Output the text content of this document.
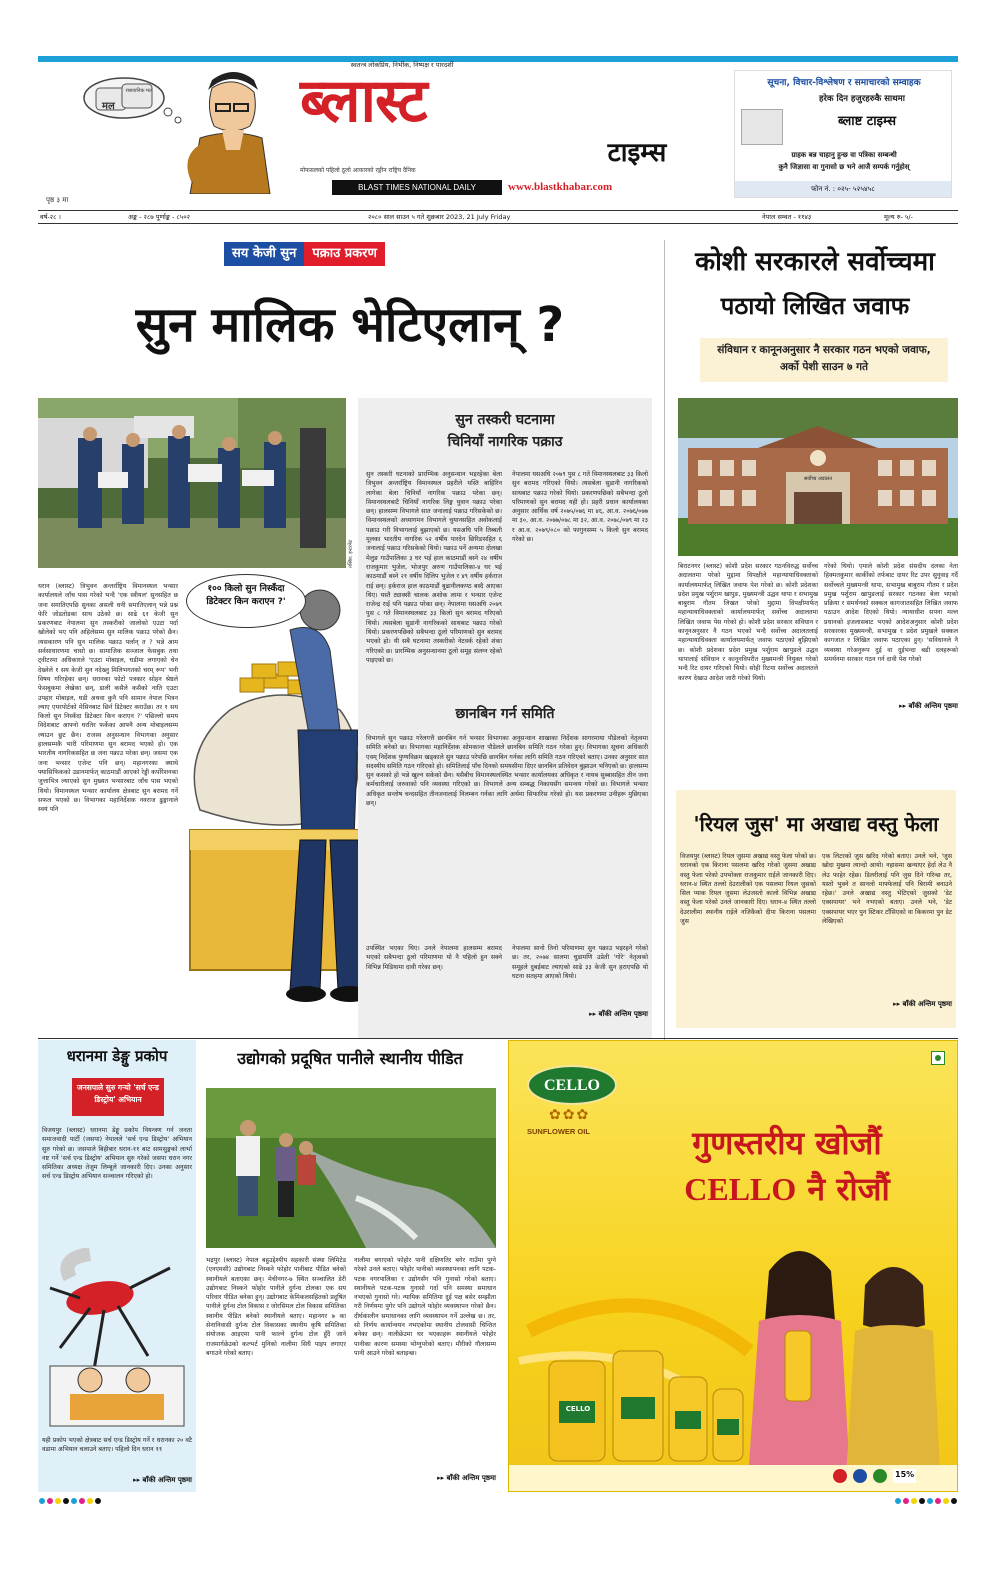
मल
रासायनिक मल
पृष्ठ ३ मा
स्वतन्त्र लोकप्रिय, निर्भीक, निष्पक्ष र पारदर्शी
ब्लास्ट
टाइम्स
मोफसलको पहिलो ठूलो आकारको रङ्गीन राष्ट्रिय दैनिक
BLAST TIMES NATIONAL DAILY	www.blastkhabar.com
सूचना, विचार-विश्लेषण र समाचारको सम्वाहक
हरेक दिन हजुरहरुकै साथमा
ब्लाष्ट टाइम्स
ग्राहक बन्न चाहानु हुन्छ वा पत्रिका सम्बन्धी
कुनै जिज्ञासा वा गुनासो छ भने आजै सम्पर्क गर्नुहोस्
फोन नं. : ०२५- ५२५४५८
वर्ष-२८ ।	अङ्क - २८७ पूर्णाङ्क - ८५०२	२०८० साल साउन ५ गते शुक्रबार 2023, 21 July Friday	नेपाल सम्वत - ११४३	मूल्य रु- ५/-
सय केजी सुन	पक्राउ प्रकरण
सुन मालिक भेटिएलान् ?
तस्बिर: इन्टरनेट
१०० किलो सुन निस्कँदा डिटेक्टर किन कराएन ?'
धरान (ब्लास्ट) त्रिभुवन अन्तर्राष्ट्रिय विमानस्थल भन्सार कार्यालयले जाँच पास गरेको भन्दै 'एक स्त्रीयल' सुनसहित छ जना समातिएपछि सुनका असली धनी समातिएलान् भन्ने प्रश्न फेरि जोडतोडका साथ उठेको छ। साढे ६१ केजी सुन प्रकरणबाट नेपालमा सुन तस्करीको जालोको एउटा पर्दा खोलेको भए पनि अहिलेसम्म सुन मालिक पक्राउ परेको छैन। त्यसकारण पनि सुन मालिक पक्राउ पर्लान् त ? भन्ने आम सर्वसाधारणमा चासो छ। सामाजिक सञ्जाल फेसबुक तथा ट्वीटरमा अधिकारले 'एउटा मोबाइल, घडीमा लगाएको चेन देख्नेले १ सय केजी सुन नदेख्नु मिलिभगतको चरम् रूप' भनी विषय गरिरहेका छन्। धरानका फोटो पत्रकार सोहन श्रेष्ठले फेसबुकमा लेखेका छन्, डाली कसैले कसैको नाति एउटा उपहार मोबाइल, घडी अथवा कुनै पनि सामान नेपाल भित्रन ल्याए एयरपोर्टको मेसिनबाट छिर्न डिटेक्टर कराउँछ। तर १ सय किलो सुन निस्कँदा डिटेक्टर किन कराएन ?' पछिल्लो समय विदेशबाट आफ्नो घरतिर फर्केका आफ्नै अन्य मोबाइलसम्म ल्याउन छुट छैन। राजस्व अनुसन्धान विभागका अनुसार हालसम्मकै भारी परिमाणमा सुन बरामद भएको हो। एक भारतीय नागरिकसहित छ जना पक्राउ परेका छन्। जसमा एक जना भन्सार एजेन्ट पनि छन्। महानगरका क्याथे फ्यासिफिकको उडानमार्फत् काठमाडौं आएको रेड्डी कर्पोरेशनका जुत्ताभित्र ल्याएको सुन मुख्यत भन्सारबाट जाँच पास भएको थियो। विमानस्थल भन्सार कार्यालय क्षेत्रबाट सुन बरामद गर्ने सफल भएको छ। विभागका महानिर्देशक नवराज ढुङ्गानाले स्वयं पनि
सुन तस्करी घटनामा
चिनियाँ नागरिक पक्राउ
सुन तस्करी घटनाको प्रारम्भिक अनुसन्धान भइरहेका बेला त्रिभुवन अन्तर्राष्ट्रिय विमानस्थल प्रहरीले यस्ति बाहिरिन लागेका बेला चिनियाँ नागरिक पक्राउ परेका छन्। विमानस्थलबाटै चिनियाँ नागरिक लिङ्ग युवान पक्राउ परेका छन्। हालसम्म विभागले सात जनालाई पक्राउ गरिसकेको छ। विमानस्थलको अध्यागमन विभागले चुयानसहित अवोकलाई पक्राउ गरी विभागलाई बुझाएको छ। यसअघि पनि तिब्बती मूलका भारतीय नागरिक ५२ वर्षीय पारदेन छिरिङसहित ६ जनालाई पक्राउ गरिसकेको थियो। पक्राउ पर्ने अन्यमा दोलखा मेलुङ गाउँपालिका ३ घर भई हाल काठमाडौं बस्ने २४ वर्षीय राजकुमार भुजेल, भोजपुर अरुण गाउँपालिका-४ घर भई काठमाडौं बस्ने २१ वर्षीय दिलिप भुजेल र ४९ वर्षीय हर्कराज राई छन्। हर्कराज हाल काठमाडौं बुढानीलकण्ठ बस्दै आएका थिए। यस्तै ट्याक्सी चालक अशोक लामा र भन्सार एजेन्ट राजेन्द्र राई पनि पक्राउ परेका छन्। नेपालमा यसअघि २०७९ पुस ८ गते विमानस्थलबाट ३३ किलो सुन बरामद गरिएको थियो। त्यसबेला सुडानी नागरिकको साथबाट पक्राउ गरेको थियो। प्रकरणपछिको सबैभन्दा ठूलो परिमाणको सुन बरामद भएको हो। यी सबै घटनामा तस्करीको नेटवर्क रहेको शंका गरिएको छ। प्रारम्भिक अनुसन्धानमा ठूलो समूह संलग्न रहेको पाइएको छ।
नेपालमा यसअघि २०७९ पुस ८ गते विमानस्थलबाट ३३ किलो सुन बरामद गरिएको थियो। त्यसबेला सुडानी नागरिकको साथबाट पक्राउ गरेको थियो। प्रकरणपछिको सबैभन्दा ठूलो परिमाणको सुन बरामद यही हो। प्रहरी प्रधान कार्यालयका अनुसार आर्थिक वर्ष २०७५/०७६ मा ४६, आ.व. २०७६/०७७ मा ३०, आ.व. २०७७/०७८ मा ३२, आ.व. २०७८/०७९ मा २३ र आ.व. २०७९/०८० को फागुनसम्म ५ किलो सुन बरामद गरेको छ।
छानबिन गर्न समिति
विभागले सुन पक्राउ गरेलगत्तै छानबिन गर्न भन्सार विभागका अनुसन्धान शाखाका निर्देशक सागरमाया पौडेलको नेतृत्वमा समिति बनेको छ। विभागका महानिर्देशक सोमकान्त पौडेलले छानबिन समिति गठन गरेका हुन्। विभागका सूचना अधिकारी एवम् निर्देशक पुण्यविक्रम खड्काले सुन पक्राउ परेपछि छानबिन गर्नका लागि समिति गठन गरिएको बताए। उनका अनुसार सात सदस्यीय समिति गठन गरिएको हो। समितिलाई पाँच दिनको समयसीमा दिएर छानबिन प्रतिवेदन बुझाउन भनिएको छ। हालसम्म सुन कसको हो भन्ने खुल्न सकेको छैन। यसैबीच विमानस्थलस्थित भन्सार कार्यालयका अधिकृत र नायब सुब्बासहित तीन जना कर्मचारीलाई जरुवाको पनि व्यवस्था गरिएको छ। विभागले अन्य सम्बद्ध निकायसँग समन्वय गरेको छ। विभागले भन्सार अधिकृत सन्तोष चन्दसहित तीनजनालाई निलम्बन गर्नका लागि अर्थमा सिफारिस गरेको हो। यस प्रकरणमा उनीहरू मुछिएका छन्।
उपस्थित भएका थिए। उनले नेपालमा हालसम्म बरामद भएको सबैभन्दा ठूलो परिमाणमा यो नै पहिलो हुन सक्ने विभिन्न मिडियामा दावी गरेका छन्।
नेपालमा सानो तिनो परिमाणमा सुन पक्राउ भइरहने गरेको छ। तर, २०७४ सालमा चुडामणि उप्रेती 'गोरे' नेतृत्वको समूहले दुबईबाट ल्याएको साढे ३३ केजी सुन हराएपछि यो घटना सतहमा आएको थियो।
▸▸ बाँकी अन्तिम पृष्ठमा
कोशी सरकारले सर्वोच्चमा
पठायो लिखित जवाफ
संविधान र कानूनअनुसार नै सरकार गठन भएको जवाफ, अर्को पेशी साउन ७ गते
सर्वोच्च अदालत
बिराटनगर (ब्लास्ट) कोशी प्रदेश सरकार गठनविरुद्ध सर्वोच्च अदालतमा परेको मुद्दामा विपक्षीले महान्यायाधिवक्ताको कार्यालयमार्फत् लिखित जवाफ पेश गरेको छ। कोशी प्रदेशका प्रदेश प्रमुख पर्शुराम खापुङ, मुख्यमन्त्री उद्धव थापा र सभामुख बाबुराम गौतम लिखत परेको मुद्दामा विपक्षीमार्फत् महान्यायाधिवक्ताको कार्यालयमार्फत् सर्वोच्च अदालतमा लिखित जवाफ पेस गरेको हो। कोशी प्रदेश सरकार संविधान र कानूनअनुसार नै गठन भएको भन्दै सर्वोच्च अदालतलाई महान्यायाधिवक्ता कार्यालयमार्फत् जवाफ पठाएको बुझिएको छ। कोशी प्रदेशका प्रदेश प्रमुख पर्शुराम खापुङले उद्धव थापालाई संविधान र कानूनविपरीत मुख्यमन्त्री नियुक्त गरेको भन्दै रिट दायर गरिएको थियो। सोही रिटमा सर्वोच्च अदालतले कारण देखाउ आदेश जारी गरेको थियो।
गरेको थियो। एमाले कोशी प्रदेश संसदीय दलका नेता हिक्मतकुमार कार्कीको तर्फबाट दायर रिट उपर सुनुवाइ गर्दै सर्वोच्चले मुख्यमन्त्री थापा, सभामुख बाबुराम गौतम र प्रदेश प्रमुख पर्शुराम खापुङलाई सरकार गठनका बेला भएको प्रक्रिया र समर्थनको सक्कल कागजातसहित लिखित जवाफ पठाउन आदेश दिएको थियो। न्यायाधीश सपना मल्ल प्रधानको इजलासबाट भएको आदेशअनुसार कोशी प्रदेश सरकारका मुख्यमन्त्री, सभामुख र प्रदेश प्रमुखले सक्कल कागजात र लिखित जवाफ पठाएका हुन्। 'सविधानले नै व्यवस्था गरेअनुरूप दुई वा दुईभन्दा बढी दलहरूको समर्थनमा सरकार गठन गर्न दावी पेश गरेको
▸▸ बाँकी अन्तिम पृष्ठमा
'रियल जुस' मा अखाद्य वस्तु फेला
विजयपुर (ब्लास्ट) रियल जुसमा अखाद्य वस्तु फेला परेको छ। धरानको एक किराना पसलमा खरिद गरेको जुसमा अखाद्य वस्तु फेला परेको उपभोक्ता राजकुमार राईले जानकारी दिए। धरान-४ स्थित तल्लो देउरालीको एक पसलमा रियल जुसको सिल प्याक रियल जुसमा लेउजस्तो कालो विभिन्न अखाद्य वस्तु फेला परेको उनले जानकारी दिए। धरान-४ स्थित तल्लो देउरालीमा स्थानीय राईले नजिकैको दीपा किराना पसलमा जुस
एक लिटरको जुस खरिद गरेको बताए। उनले भने, 'जुस खोदा मुखमा त्यान्दो आयो। नहासमा खन्याएर हेर्दा लेउ नै लेउ फाहेर रहेछ। डिलरीलाई पनि जुस दिने गरिन्छ तर, यस्तो भुक्ने त सानलो माफ्फेलाई पनि बिरामी बनाउने रहेछ।' उनले अखाद्य वस्तु भेटिएको जुसको 'डेट एक्सपायर' भने नभएको बताए। उनले भने, 'डेट एक्सपायर भएर पुन स्टिकर टाँसिएको वा किकरमा पुन डेट लेखिएको
▸▸ बाँकी अन्तिम पृष्ठमा
धरानमा डेङ्गु प्रकोप
जनसपाले सुरु गर्‍यो 'सर्च एन्ड डिस्ट्रोय' अभियान
विजयपुर (ब्लास्ट) धरानमा डेङ्गु प्रकोप नियन्त्रण गर्न जनता समाजवादी पार्टी (जसपा) नेपालले 'सर्च एन्ड डिस्ट्रोय' अभियान सुरु गरेको छ। जसपाले बिहीबार धरान-११ बाट सामसुङ्गको लार्भा नष्ट गर्ने 'सर्च एन्ड डिस्ट्रोय' अभियान सुरु गरेको जसपा धरान नगर समितिका अध्यक्ष तेजुम लिम्बूले जानकारी दिए। उनका अनुसार सर्च एन्ड डिस्ट्रोय अभियान सञ्चालन गरिएको हो।
यही प्रकोप भएको क्षेत्रबाट सर्च एन्ड डिस्ट्रोय गर्ने र धरानका २० वटै वडामा अभियान चलाउने बताए। पहिलो दिन धरान ११
▸▸ बाँकी अन्तिम पृष्ठमा
उद्योगको प्रदूषित पानीले स्थानीय पीडित
भद्रपुर (ब्लास्ट) नेपाल बहुउद्देश्यीय सहकारी संस्था लिमिटेड (एनएमसी) उद्योगबाट निस्कने फोहोर पानीबाट पीडित बनेको स्थानीयले बताएका छन्। मेचीनगर-७ स्थित सञ्चालित डेरी उद्योगबाट निस्कने फोहोर पानीले दुर्गन्ध टोलका एक सय परिवार पीडित बनेका हुन्। उद्योगबाट केमिकलसहितको प्रदूषित पानीले दुर्गन्ध टोल विकास र जोरसिमल टोल विकास समितिका स्थानीय पीडित बनेको स्थानीयले बताए। महानगर ७ का सेनानिवासी दुर्गन्ध टोल विकासका स्थानीय कृषि समितिका संयोजक आइएमा पानी फाल्ने दुर्गन्ध टोल हुँदै जाने राजमार्गछेउको कल्भर्ट मुनिको नालीमा सिधै पाइप लगाएर बगाउने गरेको बताए।
नालीमा बगाएको फोहोर पानी दक्षिणतिर बगेर गाउँमा पुग्ने गरेको उनले बताए। फोहोर पानीको व्यवस्थापनका लागि पटक-पटक नगरपालिका र उद्योगसँग पनि गुनासो गरेको बताए। स्थानीयले पटक-पटक गुनासो गर्दा पनि समस्या समाधान नभएको गुनासो गरे। न्यायिक समितिमा दुई पक्ष बसेर सम्झौता गरी निर्णयमा पुगेर पनि उद्योगले फोहोर व्यवस्थापन गरेको छैन। दीर्घकालीन समाधानका लागि व्यवस्थापन गर्ने उल्लेख छ। तर, सो निर्णय कार्यान्वयन नभएकोमा स्थानीय टोलवासी चिन्तित बनेका छन्। नालीछेउमा घर भएकाहरू स्थानीयले फोहोर पानीका कारण समस्या भोग्नुपरेको बताए। मौरीको गौलासम्म पानी आउने गरेको बताइन्छ।
▸▸ बाँकी अन्तिम पृष्ठमा
CELLO
✿✿✿
SUNFLOWER OIL	गुणस्तरीय खोजौं
CELLO नै रोजौं
CELLO
15%
